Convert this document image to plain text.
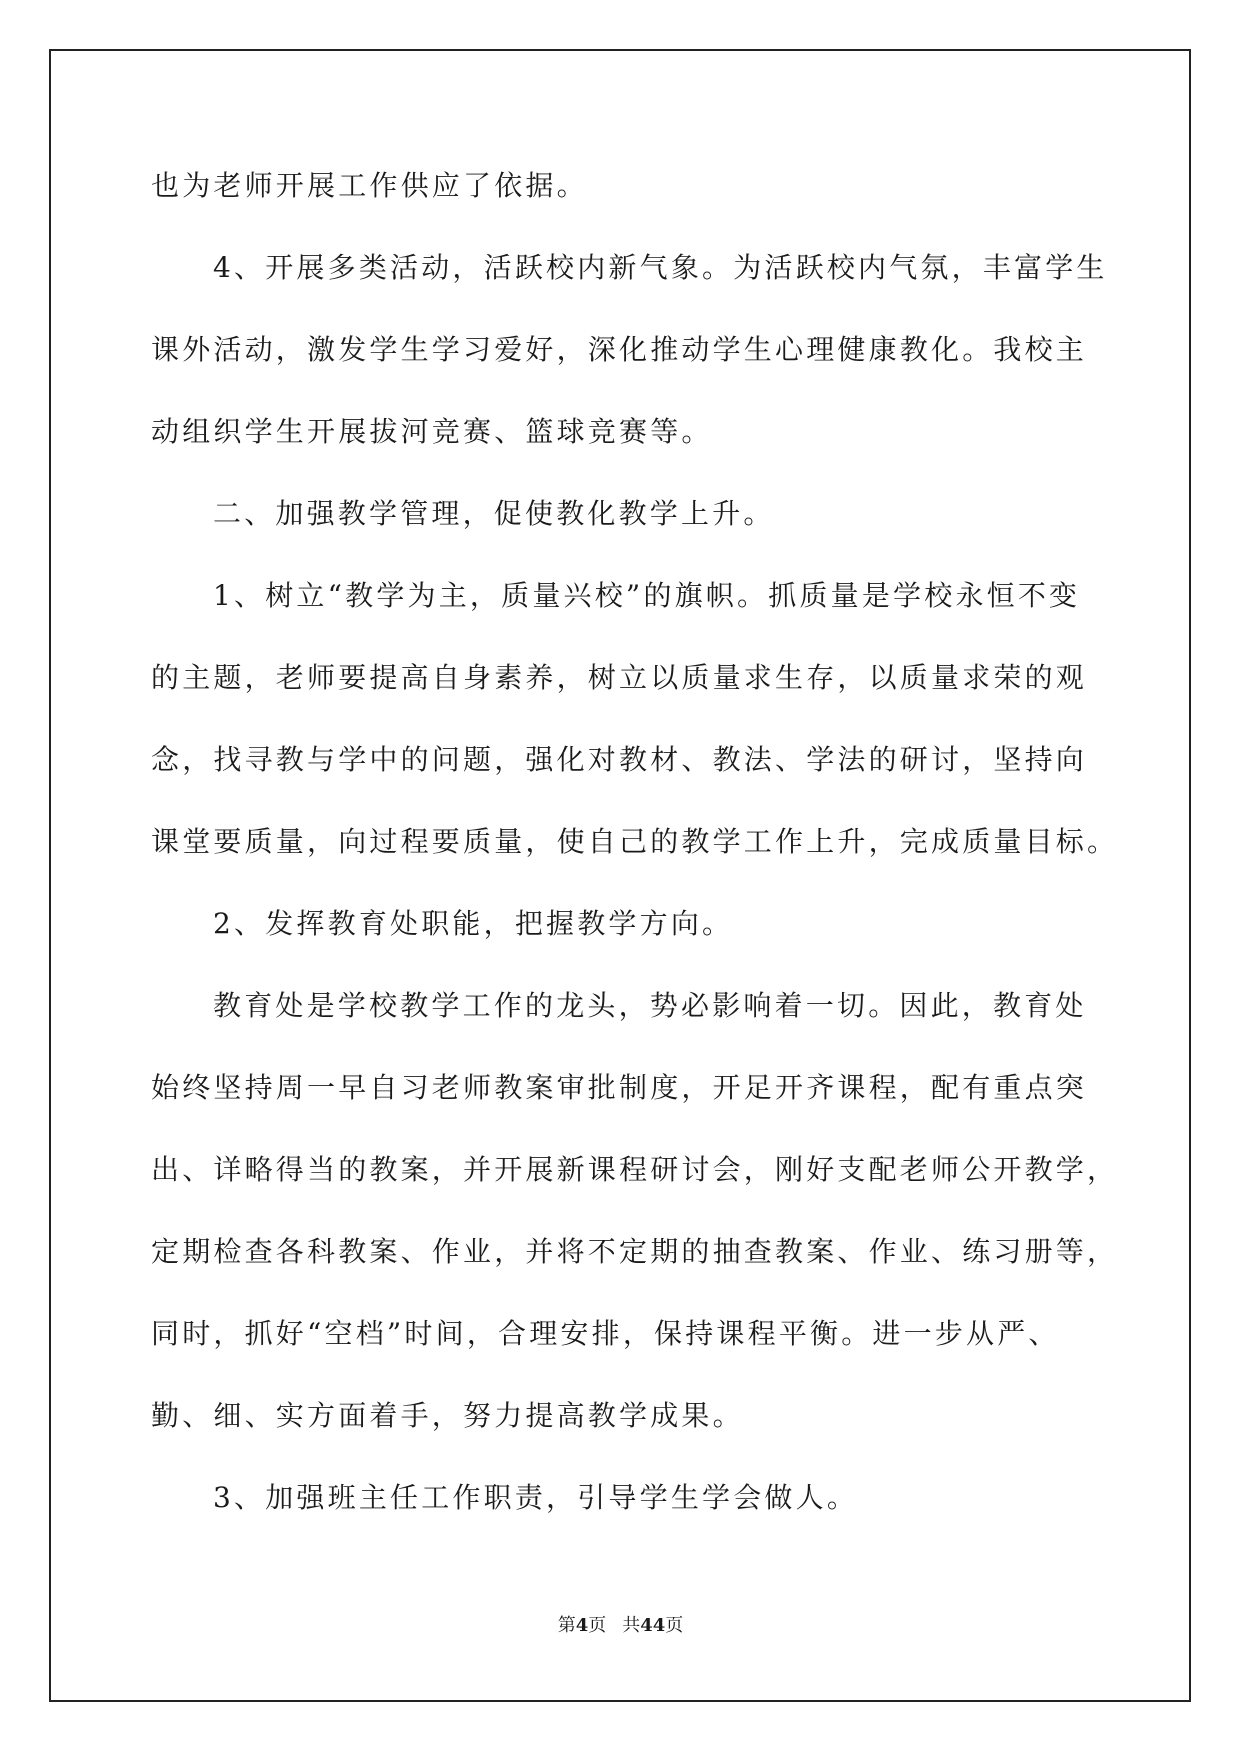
也为老师开展工作供应了依据。
4、开展多类活动，活跃校内新气象。为活跃校内气氛，丰富学生
课外活动，激发学生学习爱好，深化推动学生心理健康教化。我校主
动组织学生开展拔河竞赛、篮球竞赛等。
二、加强教学管理，促使教化教学上升。
1、树立“教学为主，质量兴校”的旗帜。抓质量是学校永恒不变
的主题，老师要提高自身素养，树立以质量求生存，以质量求荣的观
念，找寻教与学中的问题，强化对教材、教法、学法的研讨，坚持向
课堂要质量，向过程要质量，使自己的教学工作上升，完成质量目标。
2、发挥教育处职能，把握教学方向。
教育处是学校教学工作的龙头，势必影响着一切。因此，教育处
始终坚持周一早自习老师教案审批制度，开足开齐课程，配有重点突
出、详略得当的教案，并开展新课程研讨会，刚好支配老师公开教学，
定期检查各科教案、作业，并将不定期的抽查教案、作业、练习册等，
同时，抓好“空档”时间，合理安排，保持课程平衡。进一步从严、
勤、细、实方面着手，努力提高教学成果。
3、加强班主任工作职责，引导学生学会做人。
第4页 共44页
